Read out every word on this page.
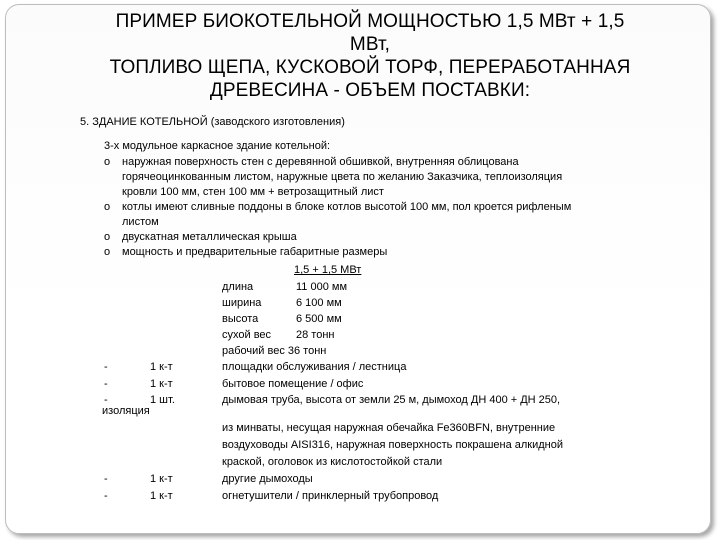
ПРИМЕР БИОКОТЕЛЬНОЙ МОЩНОСТЬЮ 1,5 МВт + 1,5
МВт,
ТОПЛИВО ЩЕПА, КУСКОВОЙ ТОРФ, ПЕРЕРАБОТАННАЯ
ДРЕВЕСИНА - ОБЪЕМ ПОСТАВКИ:
5. ЗДАНИЕ КОТЕЛЬНОЙ (заводского изготовления)
3-х модульное каркасное здание котельной:
o наружная поверхность стен с деревянной обшивкой, внутренняя облицована
горячеоцинкованным листом, наружные цвета по желанию Заказчика, теплоизоляция
кровли 100 мм, стен 100 мм + ветрозащитный лист
o котлы имеют сливные поддоны в блоке котлов высотой 100 мм, пол кроется рифленым
листом
o двускатная металлическая крыша
o мощность и предварительные габаритные размеры
1,5 + 1,5 МВт
длина	11 000 мм
ширина	6 100 мм
высота	6 500 мм
сухой вес 28 тонн
рабочий вес 36 тонн
-	1 к-т	площадки обслуживания / лестница
-	1 к-т	бытовое помещение / офис
-	1 шт.	дымовая труба, высота от земли 25 м, дымоход ДН 400 + ДН 250,
изоляция
из минваты, несущая наружная обечайка Fe360BFN, внутренние
воздуховоды AISI316, наружная поверхность покрашена алкидной
краской, оголовок из кислотостойкой стали
-	1 к-т	другие дымоходы
-	1 к-т	огнетушители / принклерный трубопровод
